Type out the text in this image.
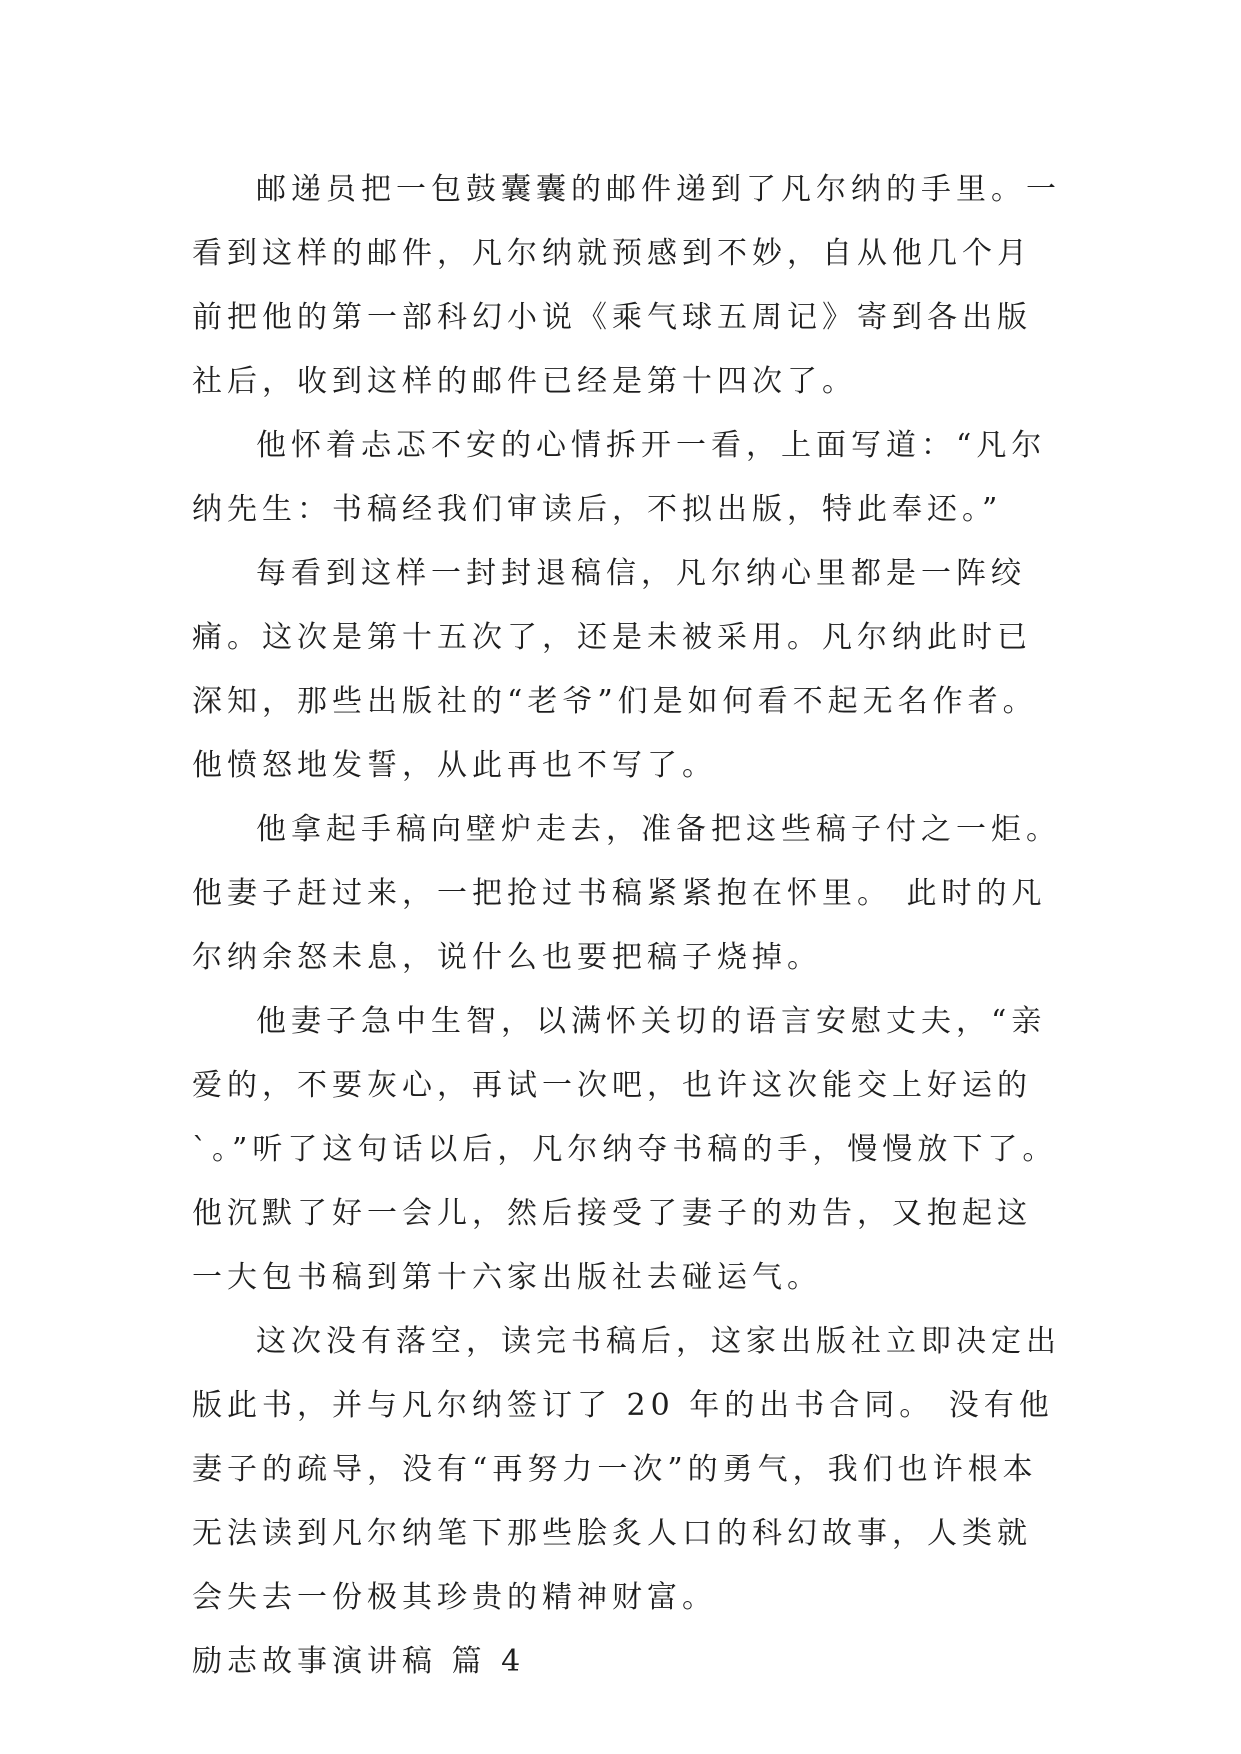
邮递员把一包鼓囊囊的邮件递到了凡尔纳的手里。一看到这样的邮件，凡尔纳就预感到不妙，自从他几个月前把他的第一部科幻小说《乘气球五周记》寄到各出版社后，收到这样的邮件已经是第十四次了。

他怀着忐忑不安的心情拆开一看，上面写道：“凡尔纳先生：书稿经我们审读后，不拟出版，特此奉还。”

每看到这样一封封退稿信，凡尔纳心里都是一阵绞痛。这次是第十五次了，还是未被采用。凡尔纳此时已深知，那些出版社的“老爷”们是如何看不起无名作者。他愤怒地发誓，从此再也不写了。

他拿起手稿向壁炉走去，准备把这些稿子付之一炬。他妻子赶过来，一把抢过书稿紧紧抱在怀里。 此时的凡尔纳余怒未息，说什么也要把稿子烧掉。

他妻子急中生智，以满怀关切的语言安慰丈夫，“亲爱的，不要灰心，再试一次吧，也许这次能交上好运的`。”听了这句话以后，凡尔纳夺书稿的手，慢慢放下了。他沉默了好一会儿，然后接受了妻子的劝告，又抱起这一大包书稿到第十六家出版社去碰运气。

这次没有落空，读完书稿后，这家出版社立即决定出版此书，并与凡尔纳签订了 20 年的出书合同。 没有他妻子的疏导，没有“再努力一次”的勇气，我们也许根本无法读到凡尔纳笔下那些脍炙人口的科幻故事，人类就会失去一份极其珍贵的精神财富。

励志故事演讲稿 篇 4
